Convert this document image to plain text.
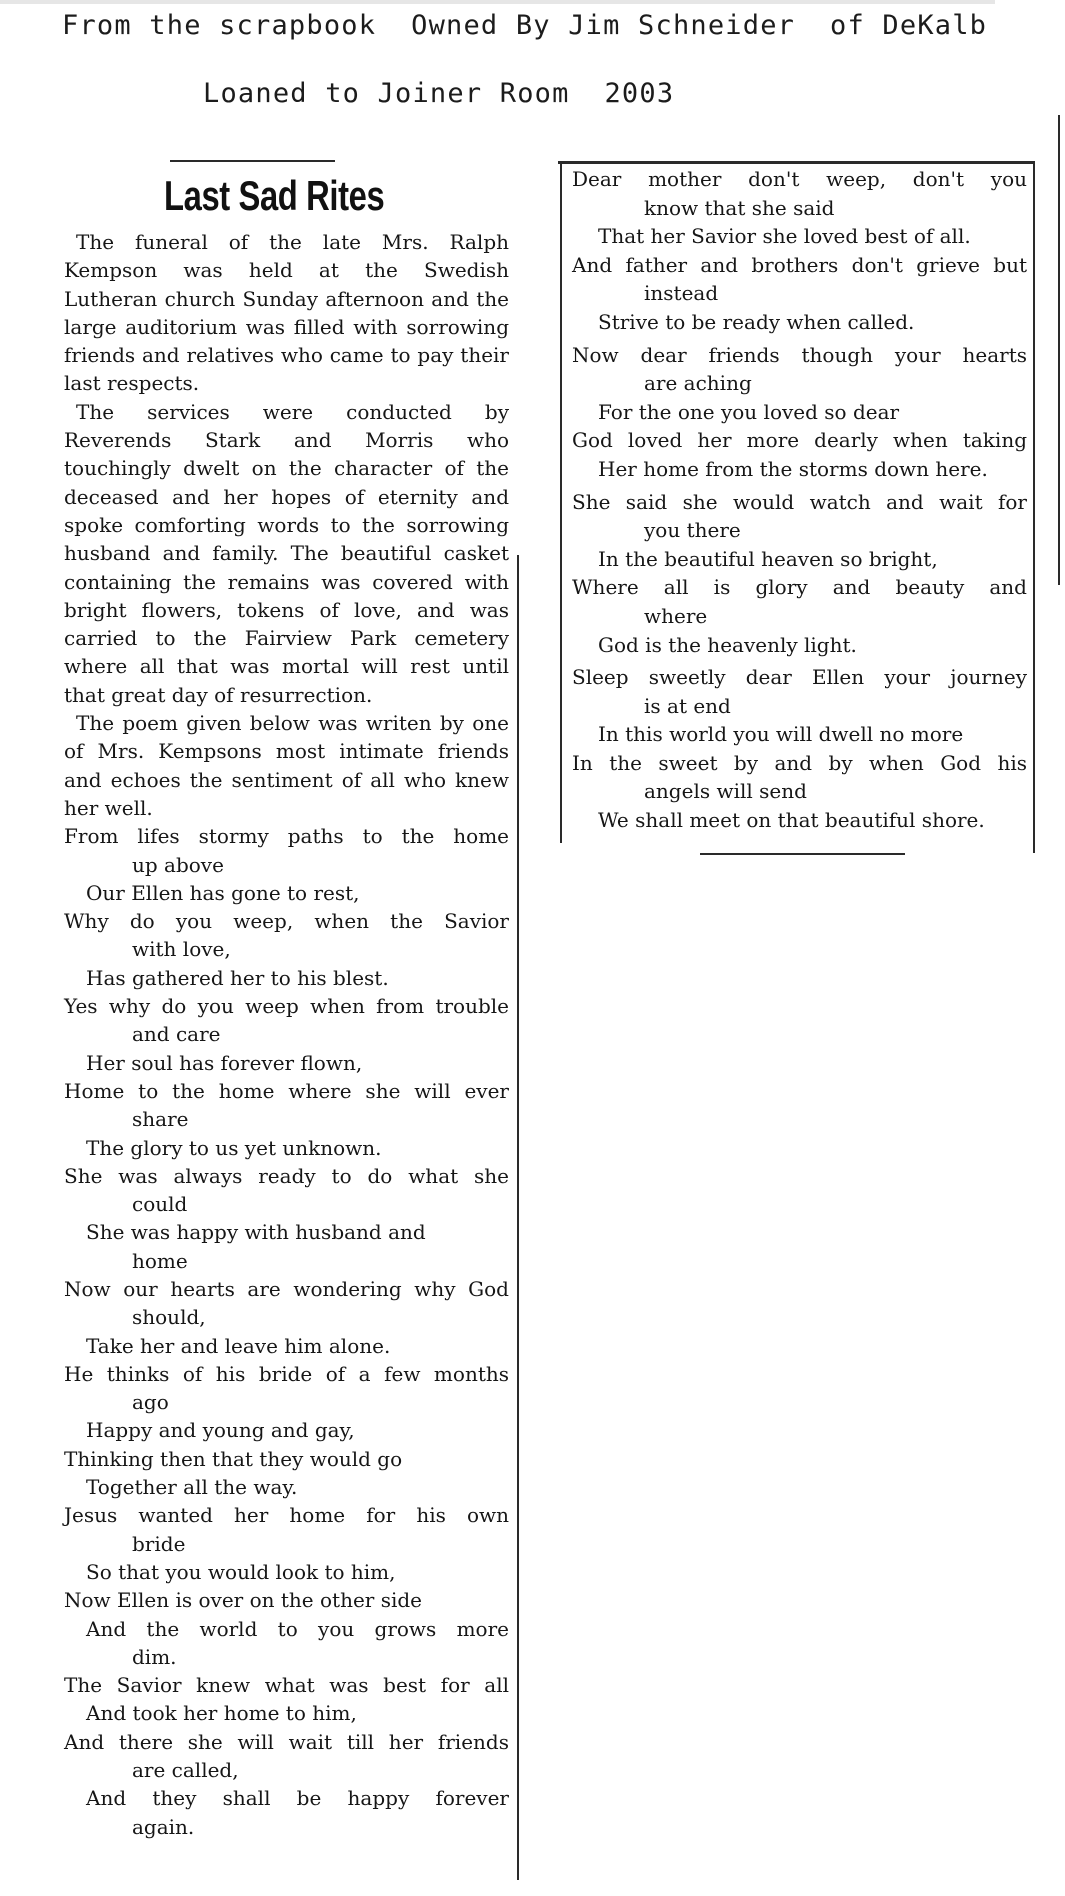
From the scrapbook  Owned By Jim Schneider  of DeKalb
Loaned to Joiner Room  2003
Last Sad Rites

The funeral of the late Mrs. Ralph Kempson was held at the Swedish Lutheran church Sunday afternoon and the large auditorium was filled with sorrowing friends and relatives who came to pay their last respects.

The services were conducted by Reverends Stark and Morris who touchingly dwelt on the character of the deceased and her hopes of eternity and spoke comforting words to the sorrowing husband and family. The beautiful casket containing the remains was covered with bright flowers, tokens of love, and was carried to the Fairview Park cemetery where all that was mortal will rest until that great day of resurrection.

The poem given below was writen by one of Mrs. Kempsons most intimate friends and echoes the sentiment of all who knew her well.

From lifes stormy paths to the home
up above
Our Ellen has gone to rest,
Why do you weep, when the Savior
with love,
Has gathered her to his blest.
Yes why do you weep when from trouble
and care
Her soul has forever flown,
Home to the home where she will ever
share
The glory to us yet unknown.
She was always ready to do what she
could
She was happy with husband and
home
Now our hearts are wondering why God
should,
Take her and leave him alone.
He thinks of his bride of a few months
ago
Happy and young and gay,
Thinking then that they would go
Together all the way.
Jesus wanted her home for his own
bride
So that you would look to him,
Now Ellen is over on the other side
And the world to you grows more
dim.
The Savior knew what was best for all
And took her home to him,
And there she will wait till her friends
are called,
And they shall be happy forever
again.
Dear mother don't weep, don't you
know that she said
That her Savior she loved best of all.
And father and brothers don't grieve but
instead
Strive to be ready when called.
Now dear friends though your hearts
are aching
For the one you loved so dear
God loved her more dearly when taking
Her home from the storms down here.
She said she would watch and wait for
you there
In the beautiful heaven so bright,
Where all is glory and beauty and
where
God is the heavenly light.
Sleep sweetly dear Ellen your journey
is at end
In this world you will dwell no more
In the sweet by and by when God his
angels will send
We shall meet on that beautiful shore.
